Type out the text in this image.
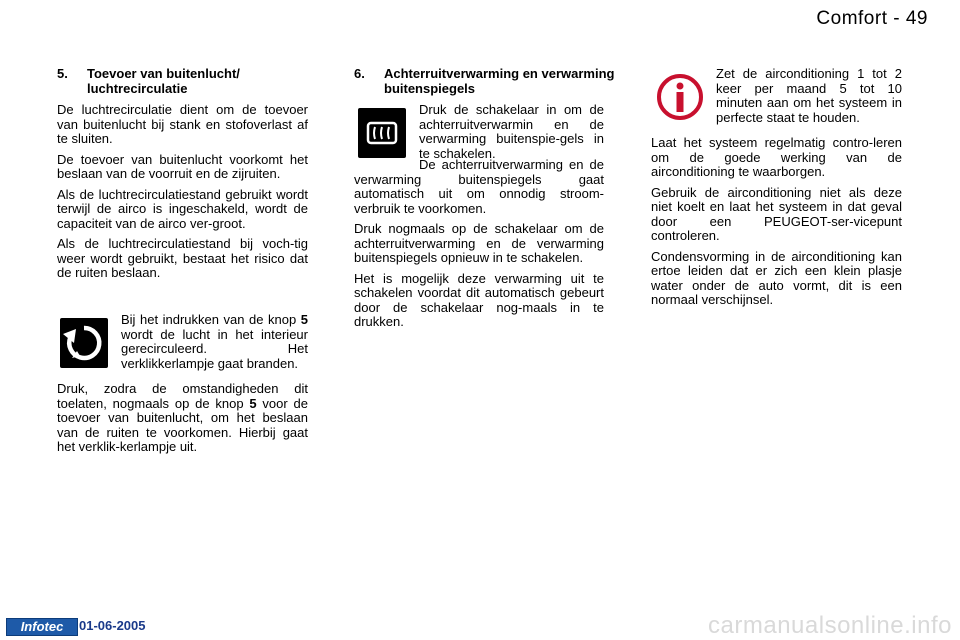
Comfort - 49
5. Toevoer van buitenlucht/ luchtrecirculatie

De luchtrecirculatie dient om de toevoer van buitenlucht bij stank en stofoverlast af te sluiten.

De toevoer van buitenlucht voorkomt het beslaan van de voorruit en de zijruiten.

Als de luchtrecirculatiestand gebruikt wordt terwijl de airco is ingeschakeld, wordt de capaciteit van de airco ver-groot.

Als de luchtrecirculatiestand bij voch-tig weer wordt gebruikt, bestaat het risico dat de ruiten beslaan.

Bij het indrukken van de knop 5 wordt de lucht in het interieur gerecirculeerd. Het verklikkerlampje gaat branden.

Druk, zodra de omstandigheden dit toelaten, nogmaals op de knop 5 voor de toevoer van buitenlucht, om het beslaan van de ruiten te voorkomen. Hierbij gaat het verklik-kerlampje uit.

6. Achterruitverwarming en verwarming buitenspiegels

Druk de schakelaar in om de achterruitverwarmin en de verwarming buitenspie-gels in te schakelen.

De achterruitverwarming en de verwarming buitenspiegels gaat automatisch uit om onnodig stroom-verbruik te voorkomen.

Druk nogmaals op de schakelaar om de achterruitverwarming en de verwarming buitenspiegels opnieuw in te schakelen.

Het is mogelijk deze verwarming uit te schakelen voordat dit automatisch gebeurt door de schakelaar nog-maals in te drukken.

Zet de airconditioning 1 tot 2 keer per maand 5 tot 10 minuten aan om het systeem in perfecte staat te houden.

Laat het systeem regelmatig contro-leren om de goede werking van de airconditioning te waarborgen.

Gebruik de airconditioning niet als deze niet koelt en laat het systeem in dat geval door een PEUGEOT-ser-vicepunt controleren.

Condensvorming in de airconditioning kan ertoe leiden dat er zich een klein plasje water onder de auto vormt, dit is een normaal verschijnsel.

Infotec	01-06-2005	carmanualsonline.info
